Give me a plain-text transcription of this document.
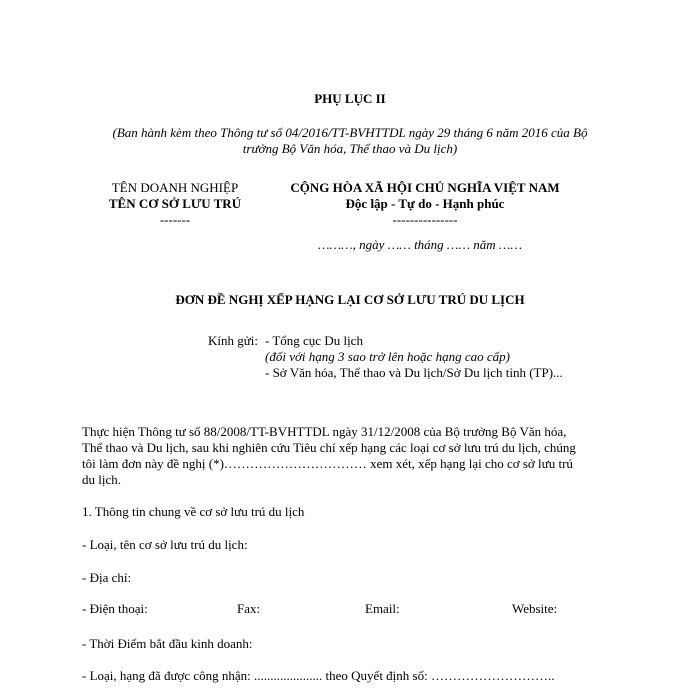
PHỤ LỤC II
(Ban hành kèm theo Thông tư số 04/2016/TT-BVHTTDL ngày 29 tháng 6 năm 2016 của Bộ
trưởng Bộ Văn hóa, Thể thao và Du lịch)
TÊN DOANH NGHIỆP
TÊN CƠ SỞ LƯU TRÚ
-------
CỘNG HÒA XÃ HỘI CHỦ NGHĨA VIỆT NAM
Độc lập - Tự do - Hạnh phúc
---------------
………, ngày …… tháng …… năm ……
ĐƠN ĐỀ NGHỊ XẾP HẠNG LẠI CƠ SỞ LƯU TRÚ DU LỊCH
Kính gửi: - Tổng cục Du lịch
(đối với hạng 3 sao trở lên hoặc hạng cao cấp)
- Sở Văn hóa, Thể thao và Du lịch/Sở Du lịch tỉnh (TP)...
Thực hiện Thông tư số 88/2008/TT-BVHTTDL ngày 31/12/2008 của Bộ trưởng Bộ Văn hóa,
Thể thao và Du lịch, sau khi nghiên cứu Tiêu chí xếp hạng các loại cơ sở lưu trú du lịch, chúng
tôi làm đơn này đề nghị (*)…………………………… xem xét, xếp hạng lại cho cơ sở lưu trú
du lịch.
1. Thông tin chung về cơ sở lưu trú du lịch
- Loại, tên cơ sở lưu trú du lịch:
- Địa chỉ:
- Điện thoại:	Fax:	Email:	Website:
- Thời Điểm bắt đầu kinh doanh:
- Loại, hạng đã được công nhận: ..................... theo Quyết định số: ………………………..
